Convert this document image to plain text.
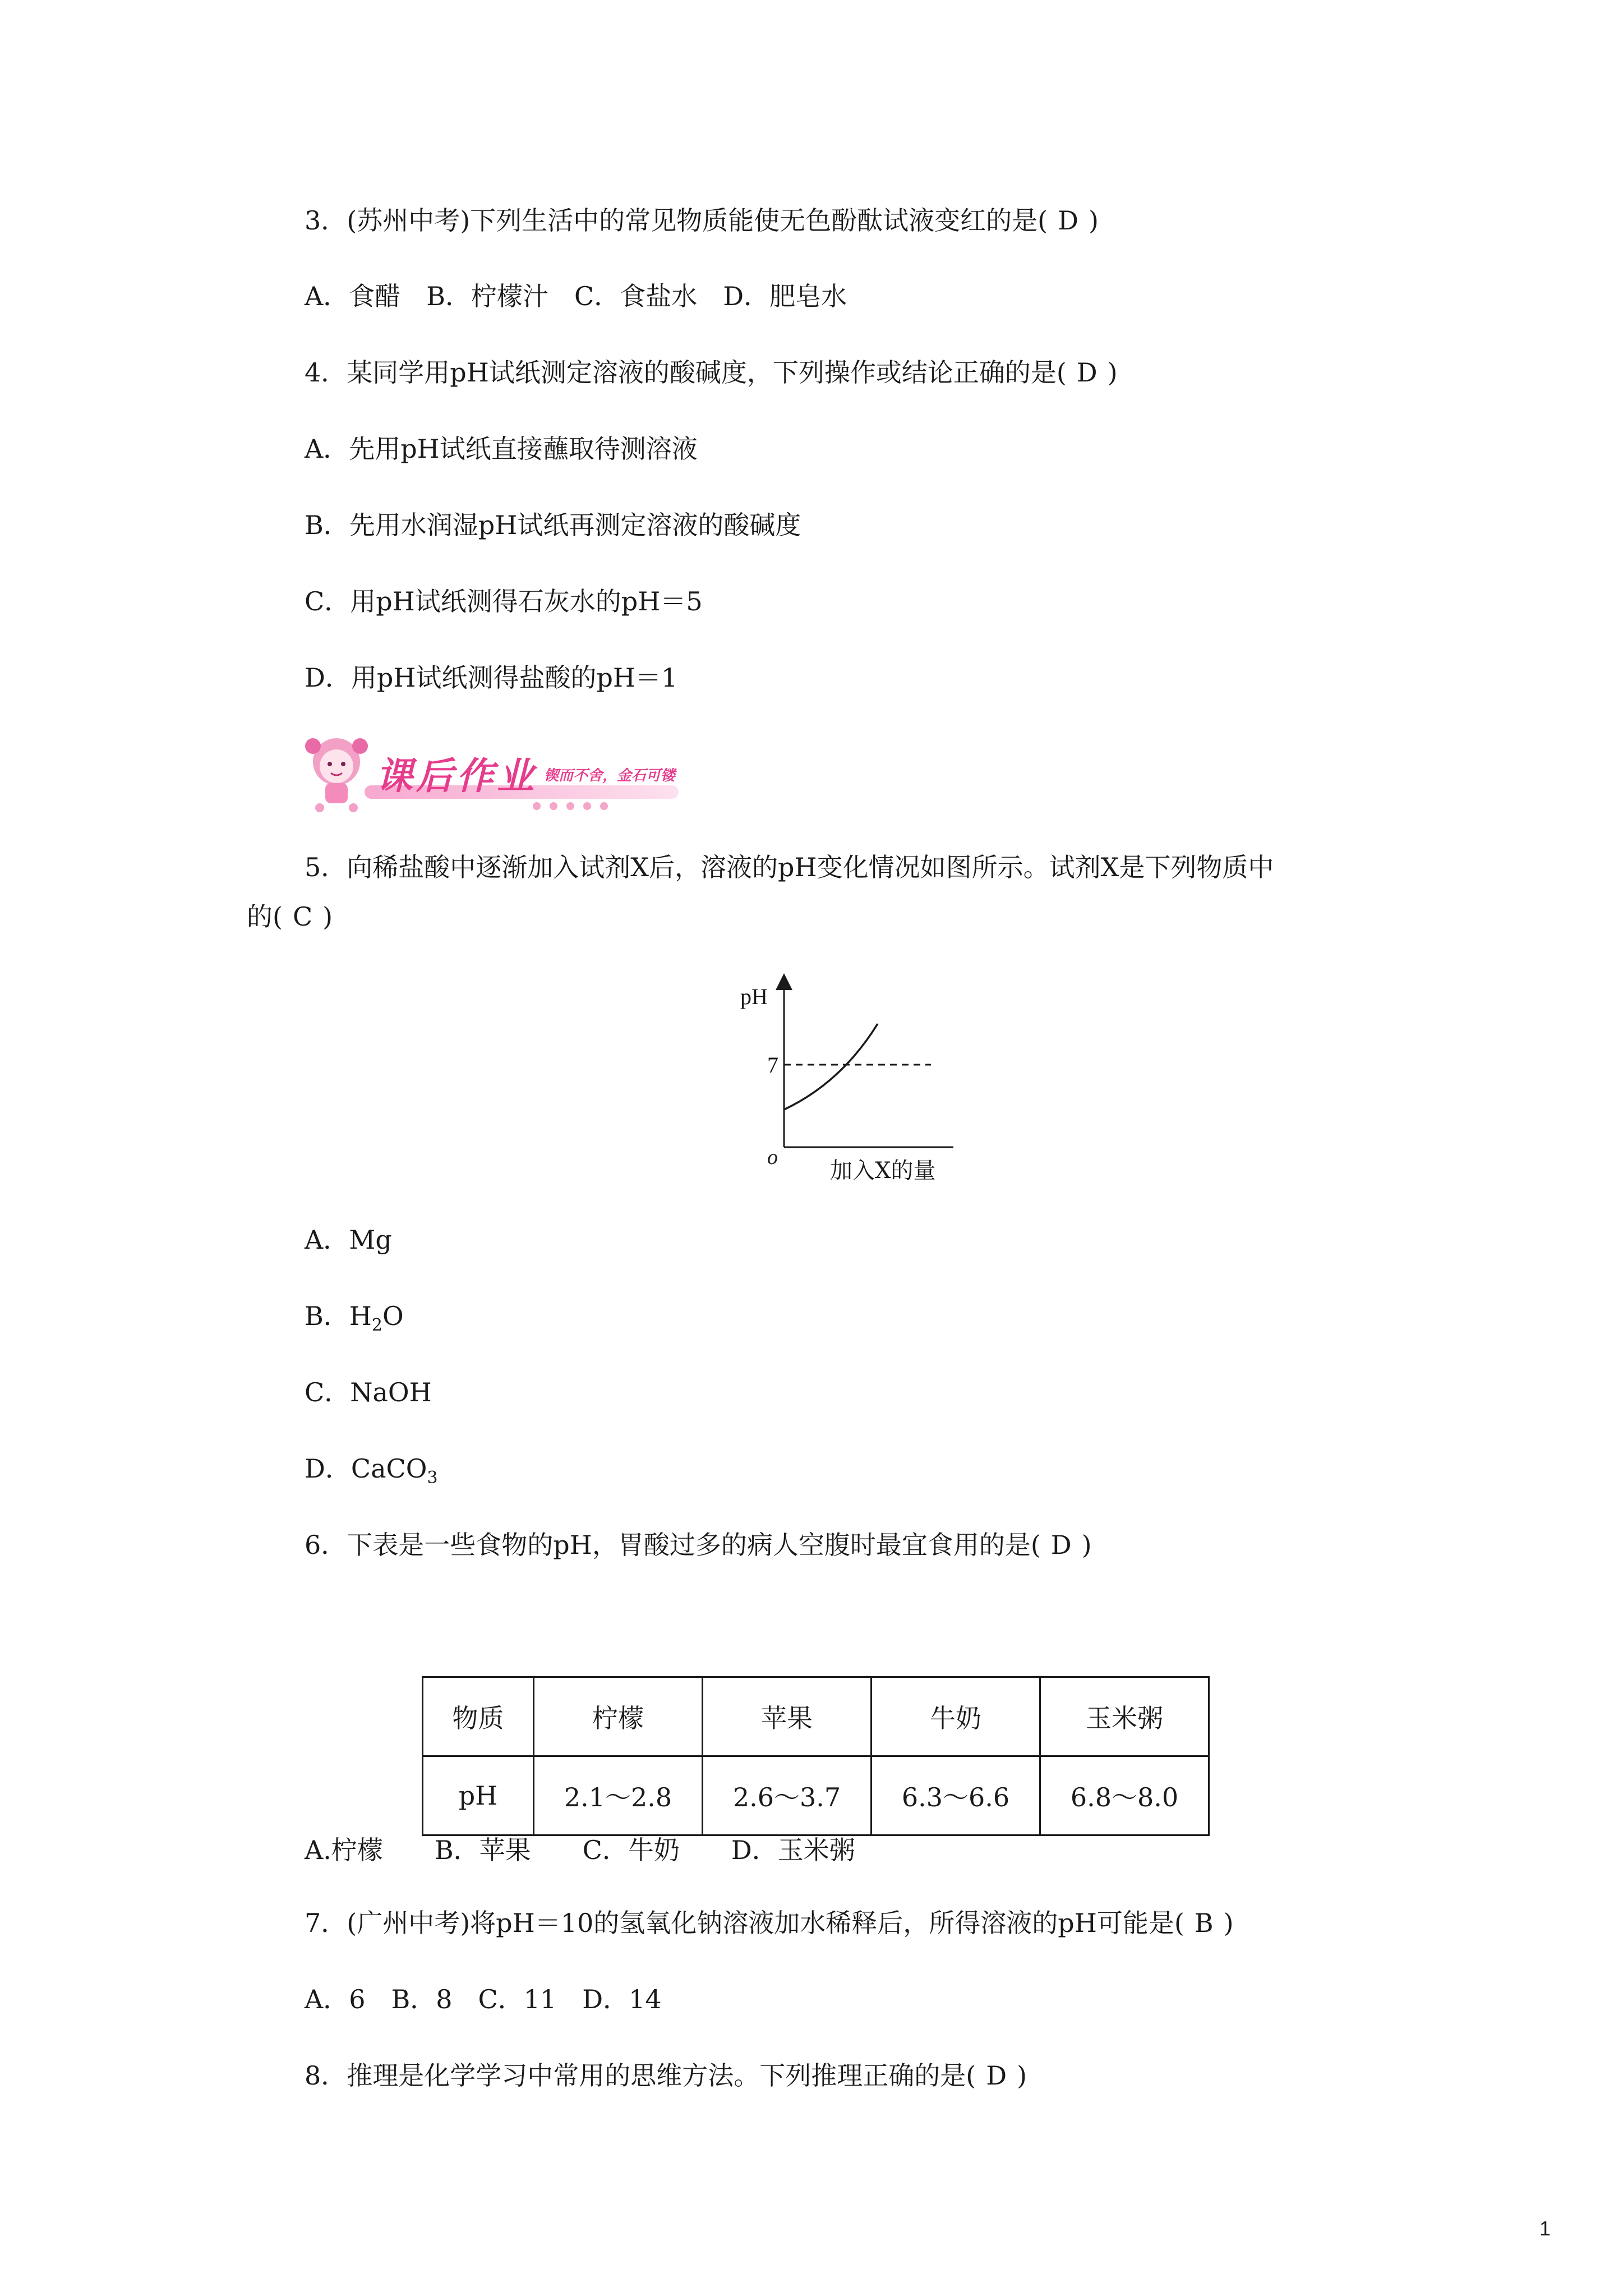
3．(苏州中考)下列生活中的常见物质能使无色酚酞试液变红的是( D )
A．食醋　B．柠檬汁　C．食盐水　D．肥皂水
4．某同学用pH试纸测定溶液的酸碱度，下列操作或结论正确的是( D )
A．先用pH试纸直接蘸取待测溶液
B．先用水润湿pH试纸再测定溶液的酸碱度
C．用pH试纸测得石灰水的pH＝5
D．用pH试纸测得盐酸的pH＝1
课后作业 锲而不舍，金石可镂
5．向稀盐酸中逐渐加入试剂X后，溶液的pH变化情况如图所示。试剂X是下列物质中
的( C )
pH
7
o
加入X的量
A．Mg
B．$H_2O$
C．NaOH
D．CaCO$_3$
6．下表是一些食物的pH，胃酸过多的病人空腹时最宜食用的是( D )
物质	柠檬	苹果	牛奶	玉米粥
pH	2.1～2.8	2.6～3.7	6.3～6.6	6.8～8.0
A.柠檬　　B．苹果　　C．牛奶　　D．玉米粥
7．(广州中考)将pH＝10的氢氧化钠溶液加水稀释后，所得溶液的pH可能是( B )
A．6　B．8　C．11　D．14
8．推理是化学学习中常用的思维方法。下列推理正确的是( D )
1
